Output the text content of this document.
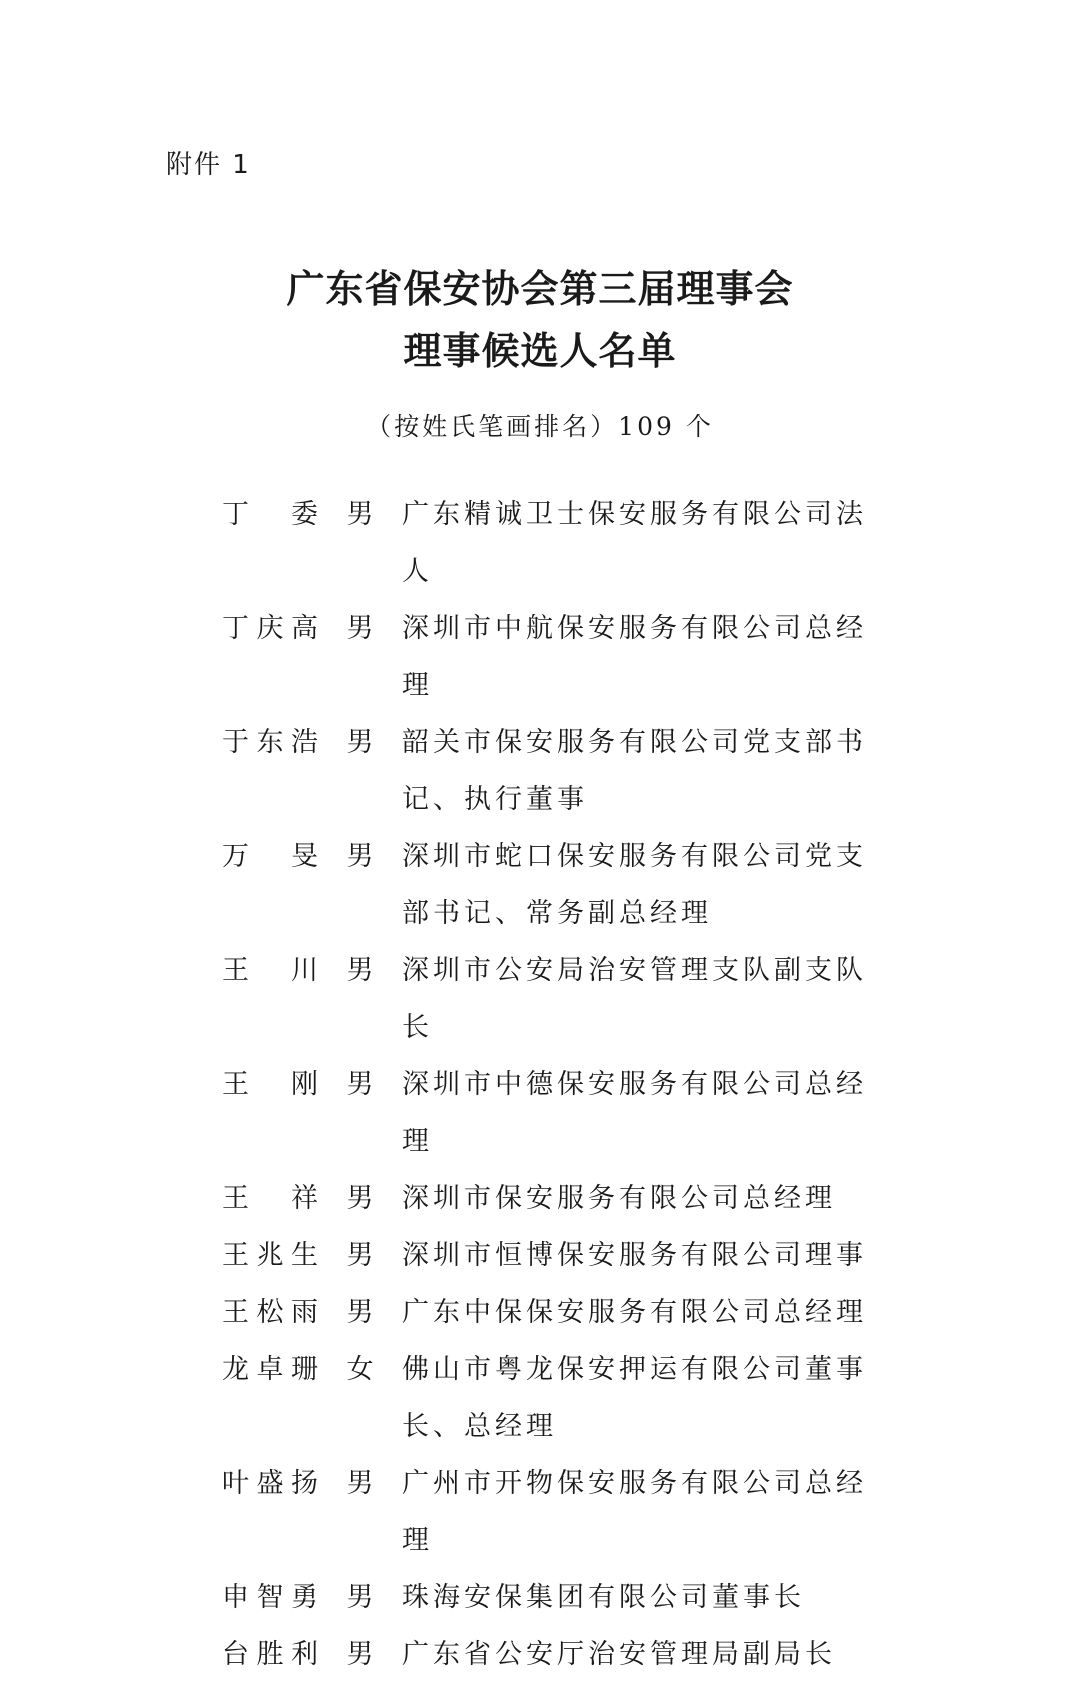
附件 1
广东省保安协会第三届理事会
理事候选人名单
（按姓氏笔画排名）109 个
丁 委 男 广东精诚卫士保安服务有限公司法人
丁 庆 高 男 深圳市中航保安服务有限公司总经理
于 东 浩 男 韶关市保安服务有限公司党支部书记、执行董事
万 旻 男 深圳市蛇口保安服务有限公司党支部书记、常务副总经理
王 川 男 深圳市公安局治安管理支队副支队长
王 刚 男 深圳市中德保安服务有限公司总经理
王 祥 男 深圳市保安服务有限公司总经理
王 兆 生 男 深圳市恒博保安服务有限公司理事
王 松 雨 男 广东中保保安服务有限公司总经理
龙 卓 珊 女 佛山市粤龙保安押运有限公司董事长、总经理
叶 盛 扬 男 广州市开物保安服务有限公司总经理
申 智 勇 男 珠海安保集团有限公司董事长
台 胜 利 男 广东省公安厅治安管理局副局长
